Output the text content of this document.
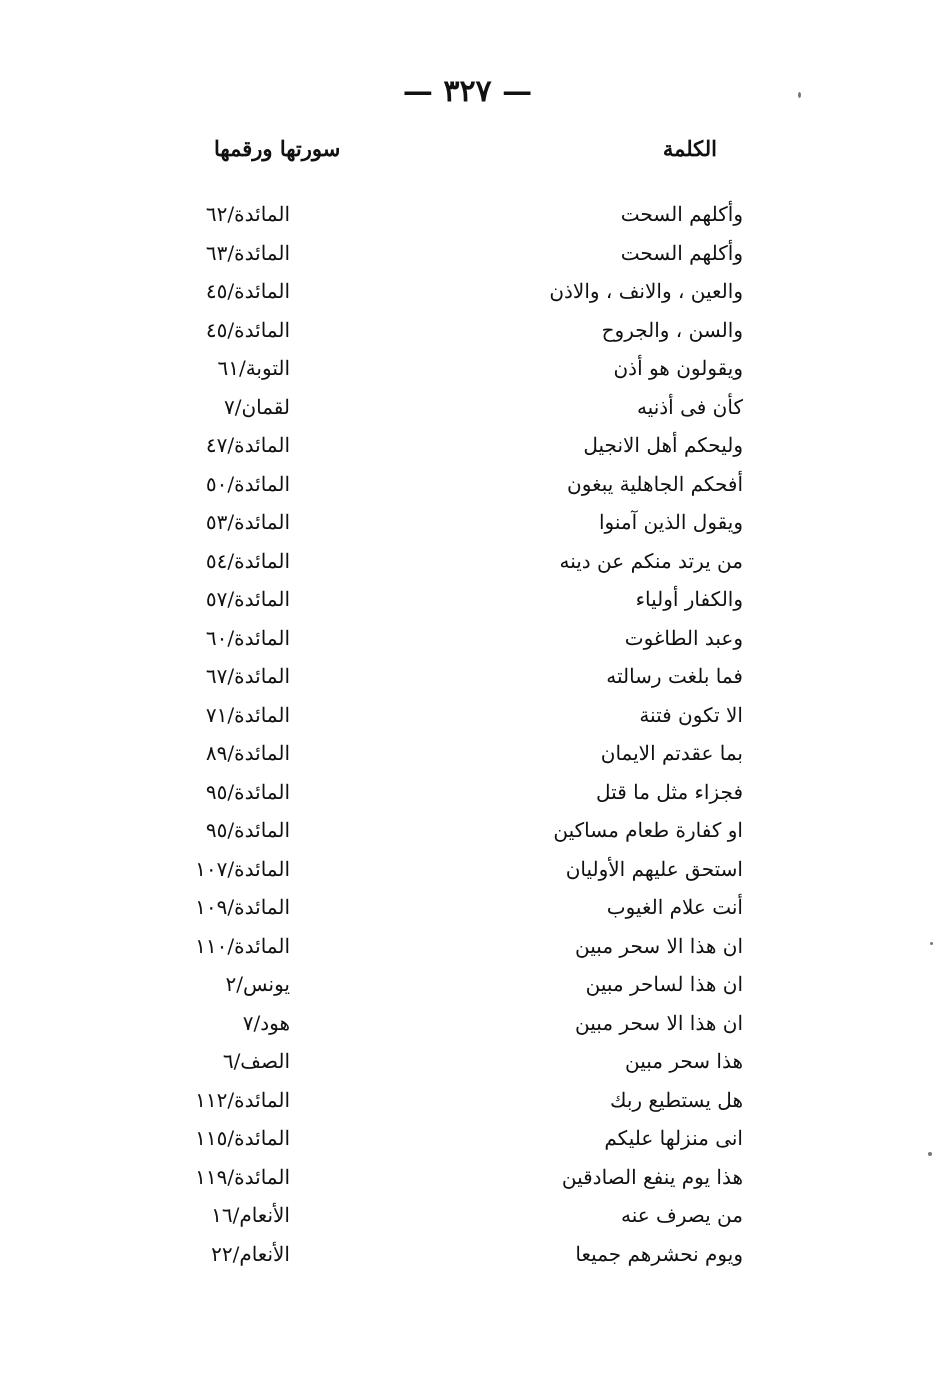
— ٣٢٧ —
الكلمة
سورتها ورقمها
وأكلهم السحت
المائدة/٦٢
وأكلهم السحت
المائدة/٦٣
والعين ، والانف ، والاذن
المائدة/٤٥
والسن ، والجروح
المائدة/٤٥
ويقولون هو أذن
التوبة/٦١
كأن فى أذنيه
لقمان/٧
وليحكم أهل الانجيل
المائدة/٤٧
أفحكم الجاهلية يبغون
المائدة/٥٠
ويقول الذين آمنوا
المائدة/٥٣
من يرتد منكم عن دينه
المائدة/٥٤
والكفار أولياء
المائدة/٥٧
وعبد الطاغوت
المائدة/٦٠
فما بلغت رسالته
المائدة/٦٧
الا تكون فتنة
المائدة/٧١
بما عقدتم الايمان
المائدة/٨٩
فجزاء مثل ما قتل
المائدة/٩٥
او كفارة طعام مساكين
المائدة/٩٥
استحق عليهم الأوليان
المائدة/١٠٧
أنت علام الغيوب
المائدة/١٠٩
ان هذا الا سحر مبين
المائدة/١١٠
ان هذا لساحر مبين
يونس/٢
ان هذا الا سحر مبين
هود/٧
هذا سحر مبين
الصف/٦
هل يستطيع ربك
المائدة/١١٢
انى منزلها عليكم
المائدة/١١٥
هذا يوم ينفع الصادقين
المائدة/١١٩
من يصرف عنه
الأنعام/١٦
ويوم نحشرهم جميعا
الأنعام/٢٢
